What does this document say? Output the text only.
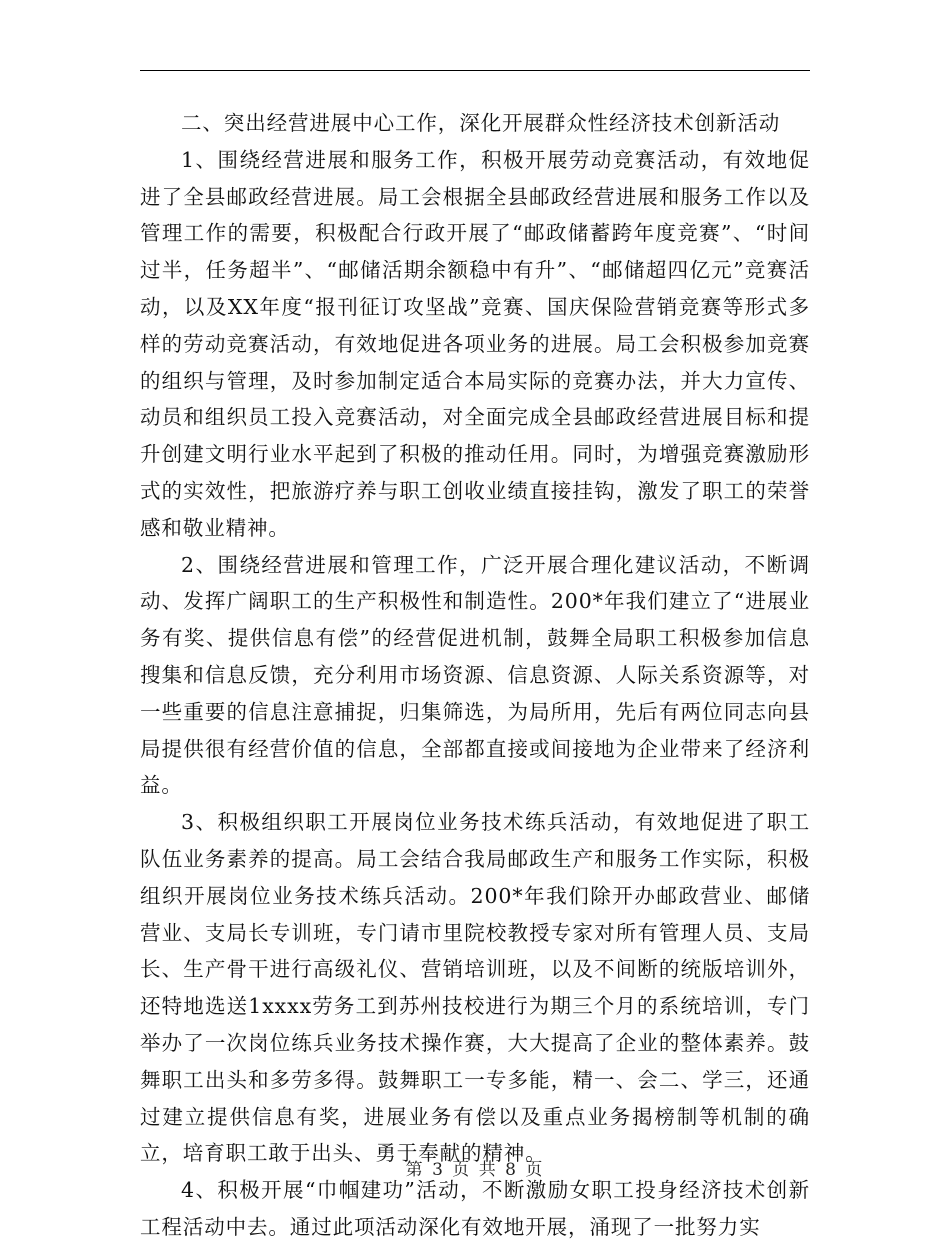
二、突出经营进展中心工作，深化开展群众性经济技术创新活动

1、围绕经营进展和服务工作，积极开展劳动竞赛活动，有效地促进了全县邮政经营进展。局工会根据全县邮政经营进展和服务工作以及管理工作的需要，积极配合行政开展了“邮政储蓄跨年度竞赛”、“时间过半，任务超半”、“邮储活期余额稳中有升”、“邮储超四亿元”竞赛活动，以及XX年度“报刊征订攻坚战”竞赛、国庆保险营销竞赛等形式多样的劳动竞赛活动，有效地促进各项业务的进展。局工会积极参加竞赛的组织与管理，及时参加制定适合本局实际的竞赛办法，并大力宣传、动员和组织员工投入竞赛活动，对全面完成全县邮政经营进展目标和提升创建文明行业水平起到了积极的推动任用。同时，为增强竞赛激励形式的实效性，把旅游疗养与职工创收业绩直接挂钩，激发了职工的荣誉感和敬业精神。

2、围绕经营进展和管理工作，广泛开展合理化建议活动，不断调动、发挥广阔职工的生产积极性和制造性。200*年我们建立了“进展业务有奖、提供信息有偿”的经营促进机制，鼓舞全局职工积极参加信息搜集和信息反馈，充分利用市场资源、信息资源、人际关系资源等，对一些重要的信息注意捕捉，归集筛选，为局所用，先后有两位同志向县局提供很有经营价值的信息，全部都直接或间接地为企业带来了经济利益。

3、积极组织职工开展岗位业务技术练兵活动，有效地促进了职工队伍业务素养的提高。局工会结合我局邮政生产和服务工作实际，积极组织开展岗位业务技术练兵活动。200*年我们除开办邮政营业、邮储营业、支局长专训班，专门请市里院校教授专家对所有管理人员、支局长、生产骨干进行高级礼仪、营销培训班，以及不间断的统版培训外，还特地选送1xxxx劳务工到苏州技校进行为期三个月的系统培训，专门举办了一次岗位练兵业务技术操作赛，大大提高了企业的整体素养。鼓舞职工出头和多劳多得。鼓舞职工一专多能，精一、会二、学三，还通过建立提供信息有奖，进展业务有偿以及重点业务揭榜制等机制的确立，培育职工敢于出头、勇于奉献的精神。

4、积极开展“巾帼建功”活动，不断激励女职工投身经济技术创新工程活动中去。通过此项活动深化有效地开展，涌现了一批努力实

第 3 页 共 8 页
